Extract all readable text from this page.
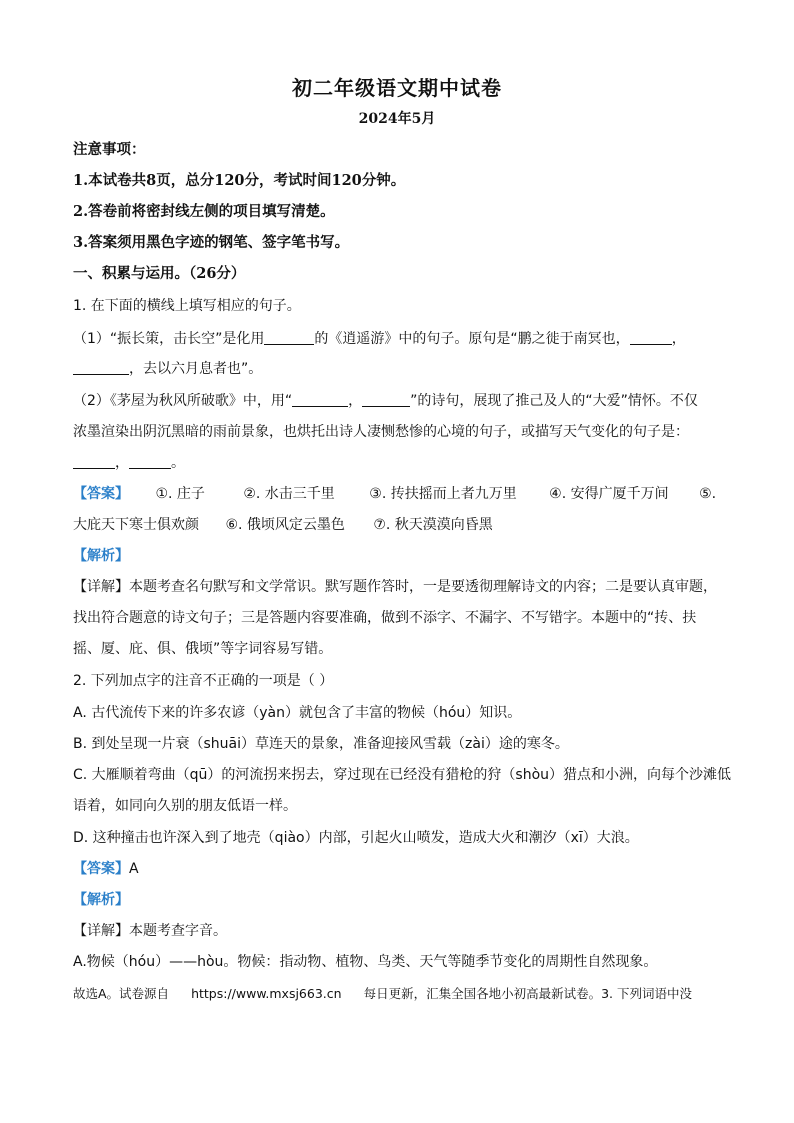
初二年级语文期中试卷
2024年5月
注意事项：
1.本试卷共8页，总分120分，考试时间120分钟。
2.答卷前将密封线左侧的项目填写清楚。
3.答案须用黑色字迹的钢笔、签字笔书写。
一、积累与运用。（26分）
1. 在下面的横线上填写相应的句子。
（1）“振长策，击长空”是化用	的《逍遥游》中的句子。原句是“鹏之徙于南冥也，	，
，去以六月息者也”。
（2）《茅屋为秋风所破歌》中，用“	，	”的诗句，展现了推己及人的“大爱”情怀。不仅
浓墨渲染出阴沉黑暗的雨前景象，也烘托出诗人凄恻愁惨的心境的句子，或描写天气变化的句子是：
，	。
【答案】 ①. 庄子	②. 水击三千里 ③. 抟扶摇而上者九万里 ④. 安得广厦千万间 ⑤.
大庇天下寒士俱欢颜 ⑥. 俄顷风定云墨色 ⑦. 秋天漠漠向昏黑
【解析】
【详解】本题考查名句默写和文学常识。默写题作答时，一是要透彻理解诗文的内容；二是要认真审题，
找出符合题意的诗文句子；三是答题内容要准确，做到不添字、不漏字、不写错字。本题中的“抟、扶
摇、厦、庇、俱、俄顷”等字词容易写错。
2. 下列加点字的注音不正确的一项是（ ）
A. 古代流传下来的许多农谚（yàn）就包含了丰富的物候（hóu）知识。
B. 到处呈现一片衰（shuāi）草连天的景象，准备迎接风雪载（zài）途的寒冬。
C. 大雁顺着弯曲（qū）的河流拐来拐去，穿过现在已经没有猎枪的狩（shòu）猎点和小洲，向每个沙滩低
语着，如同向久别的朋友低语一样。
D. 这种撞击也许深入到了地壳（qiào）内部，引起火山喷发，造成大火和潮汐（xī）大浪。
【答案】A
【解析】
【详解】本题考查字音。
A.物候（hóu）——hòu。物候：指动物、植物、鸟类、天气等随季节变化的周期性自然现象。
故选A。试卷源自 https://www.mxsj663.cn 每日更新，汇集全国各地小初高最新试卷。3. 下列词语中没
